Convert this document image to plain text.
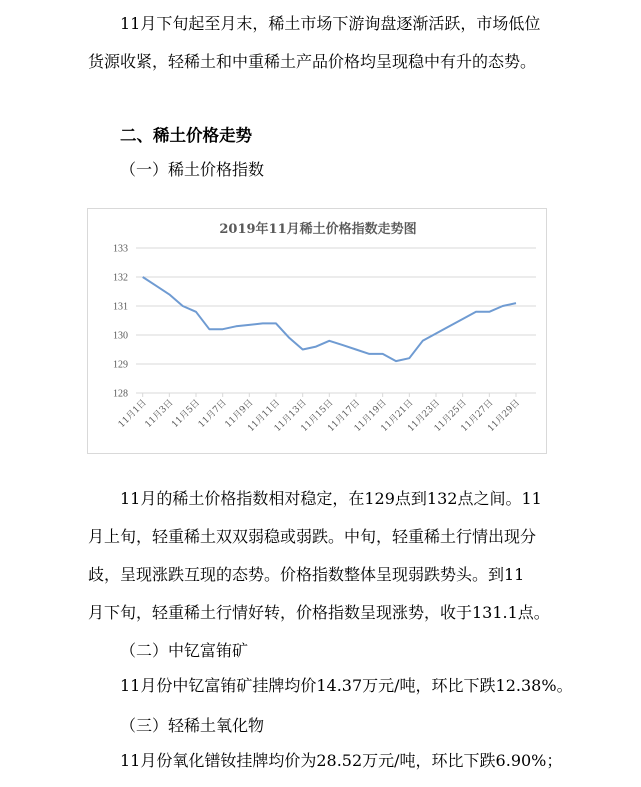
11月下旬起至月末，稀土市场下游询盘逐渐活跃，市场低位
货源收紧，轻稀土和中重稀土产品价格均呈现稳中有升的态势。
二、稀土价格走势
（一）稀土价格指数
2019年11月稀土价格指数走势图
128
129
130
131
132
133
11月1日
11月3日
11月5日
11月7日
11月9日
11月11日
11月13日
11月15日
11月17日
11月19日
11月21日
11月23日
11月25日
11月27日
11月29日
11月的稀土价格指数相对稳定，在129点到132点之间。11
月上旬，轻重稀土双双弱稳或弱跌。中旬，轻重稀土行情出现分
歧，呈现涨跌互现的态势。价格指数整体呈现弱跌势头。到11
月下旬，轻重稀土行情好转，价格指数呈现涨势，收于131.1点。
（二）中钇富铕矿
11月份中钇富铕矿挂牌均价14.37万元/吨，环比下跌12.38%。
（三）轻稀土氧化物
11月份氧化镨钕挂牌均价为28.52万元/吨，环比下跌6.90%；
